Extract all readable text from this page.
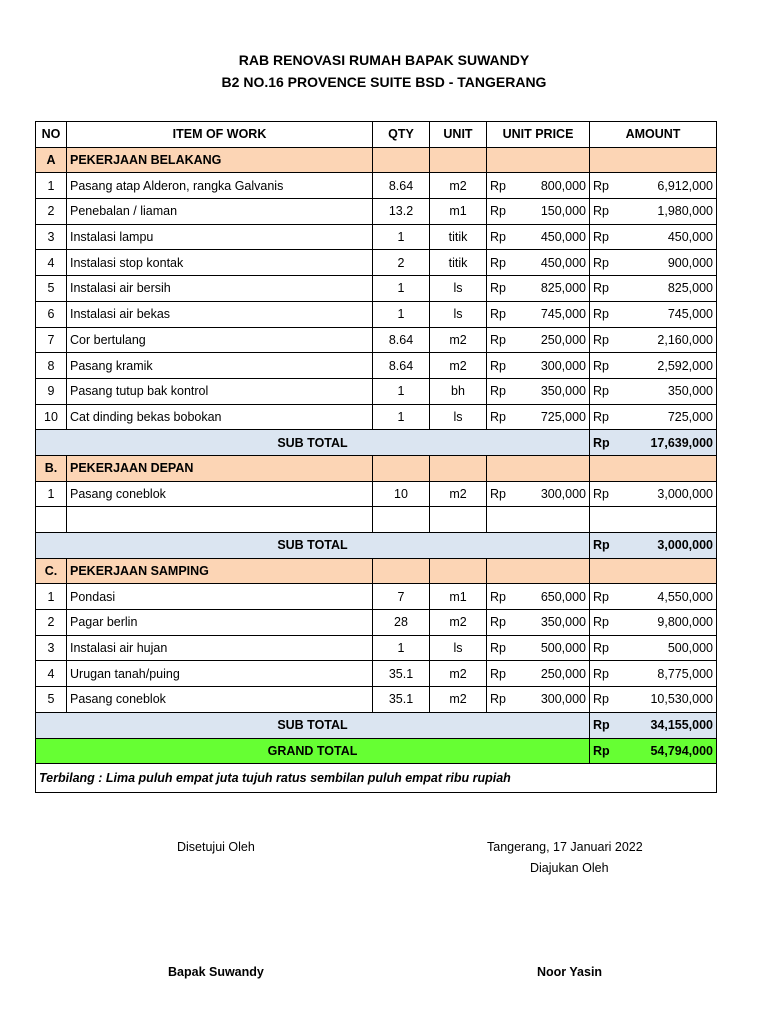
RAB RENOVASI RUMAH BAPAK SUWANDY
B2 NO.16 PROVENCE SUITE BSD - TANGERANG
NO	ITEM OF WORK	QTY	UNIT	UNIT PRICE	AMOUNT
A	PEKERJAAN BELAKANG				
1	Pasang atap Alderon, rangka Galvanis	8.64	m2	Rp 800,000	Rp 6,912,000

2	Penebalan / liaman	13.2	m1	Rp 150,000	Rp 1,980,000

3	Instalasi lampu	1	titik	Rp 450,000	Rp 450,000

4	Instalasi stop kontak	2	titik	Rp 450,000	Rp 900,000

5	Instalasi air bersih	1	ls	Rp 825,000	Rp 825,000

6	Instalasi air bekas	1	ls	Rp 745,000	Rp 745,000

7	Cor bertulang	8.64	m2	Rp 250,000	Rp 2,160,000

8	Pasang kramik	8.64	m2	Rp 300,000	Rp 2,592,000

9	Pasang tutup bak kontrol	1	bh	Rp 350,000	Rp 350,000

10	Cat dinding bekas bobokan	1	ls	Rp 725,000	Rp 725,000

SUB TOTAL					Rp 17,639,000

B.	PEKERJAAN DEPAN				
1	Pasang coneblok	10	m2	Rp 300,000	Rp 3,000,000

SUB TOTAL					Rp 3,000,000

C.	PEKERJAAN SAMPING				
1	Pondasi	7	m1	Rp 650,000	Rp 4,550,000

2	Pagar berlin	28	m2	Rp 350,000	Rp 9,800,000

3	Instalasi air hujan	1	ls	Rp 500,000	Rp 500,000

4	Urugan tanah/puing	35.1	m2	Rp 250,000	Rp 8,775,000

5	Pasang coneblok	35.1	m2	Rp 300,000	Rp 10,530,000

SUB TOTAL					Rp 34,155,000

GRAND TOTAL					Rp 54,794,000

Terbilang : Lima puluh empat juta tujuh ratus sembilan puluh empat ribu rupiah					
Disetujui Oleh	Tangerang, 17 Januari 2022
Diajukan Oleh
Bapak Suwandy	Noor Yasin
